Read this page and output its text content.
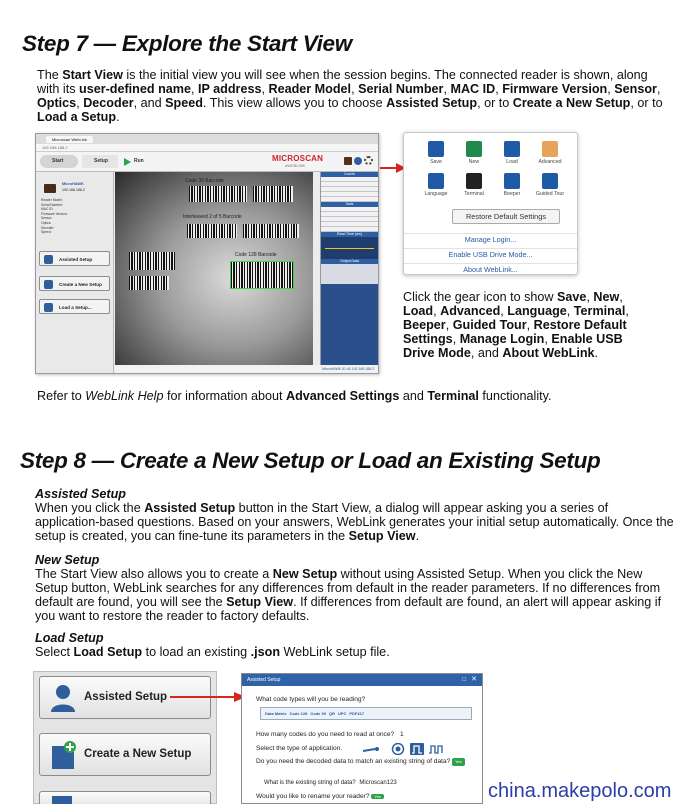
Step 7 — Explore the Start View

The Start View is the initial view you will see when the session begins. The connected reader is shown, along with its user-defined name, IP address, Reader Model, Serial Number, MAC ID, Firmware Version, Sensor, Optics, Decoder, and Speed. This view allows you to choose Assisted Setup, or to Create a New Setup, or to Load a Setup.

Microscan WebLink
192.168.188.2
Start	Setup	Run	MICROSCAN
#WEBLINK
MicroHAWK
192.168.188.2
Reader Model:
Serial Number:
MAC ID:
Firmware Version:
Sensor:
Optics:
Decoder:
Speed:
Assisted Setup
Create a New Setup
Load a Setup...
Code 39 Barcode
Interleaved 2 of 5 Barcode
Code 128 Barcode
Counts
Stats
Read Time (ms)
Output Data
MicroHAWK ID-40 192.168.188.2
Save	New	Load	Advanced
Language	Terminal	Beeper	Guided Tour
Restore Default Settings
Manage Login...
Enable USB Drive Mode...
About WebLink...

Click the gear icon to show Save, New, Load, Advanced, Language, Terminal, Beeper, Guided Tour, Restore Default Settings, Manage Login, Enable USB Drive Mode, and About WebLink.

Refer to WebLink Help for information about Advanced Settings and Terminal functionality.

Step 8 — Create a New Setup or Load an Existing Setup
Assisted Setup
When you click the Assisted Setup button in the Start View, a dialog will appear asking you a series of application-based questions. Based on your answers, WebLink generates your initial setup automatically. Once the setup is created, you can fine-tune its parameters in the Setup View.
New Setup
The Start View also allows you to create a New Setup without using Assisted Setup. When you click the New Setup button, WebLink searches for any differences from default in the reader parameters. If no differences from default are found, you will see the Setup View. If differences from default are found, an alert will appear asking if you want to restore the reader to factory defaults.
Load Setup
Select Load Setup to load an existing .json WebLink setup file.
Assisted Setup
Create a New Setup
Assisted Setup	□ ✕
What code types will you be reading?
Data Matrix Code 128 Code 39 QR UPC PDF417
How many codes do you need to read at once? 1
Select the type of application.
Do you need the decoded data to match an existing string of data? Yes
What is the existing string of data? Microscan123
Would you like to rename your reader? Yes	china.makepolo.com
